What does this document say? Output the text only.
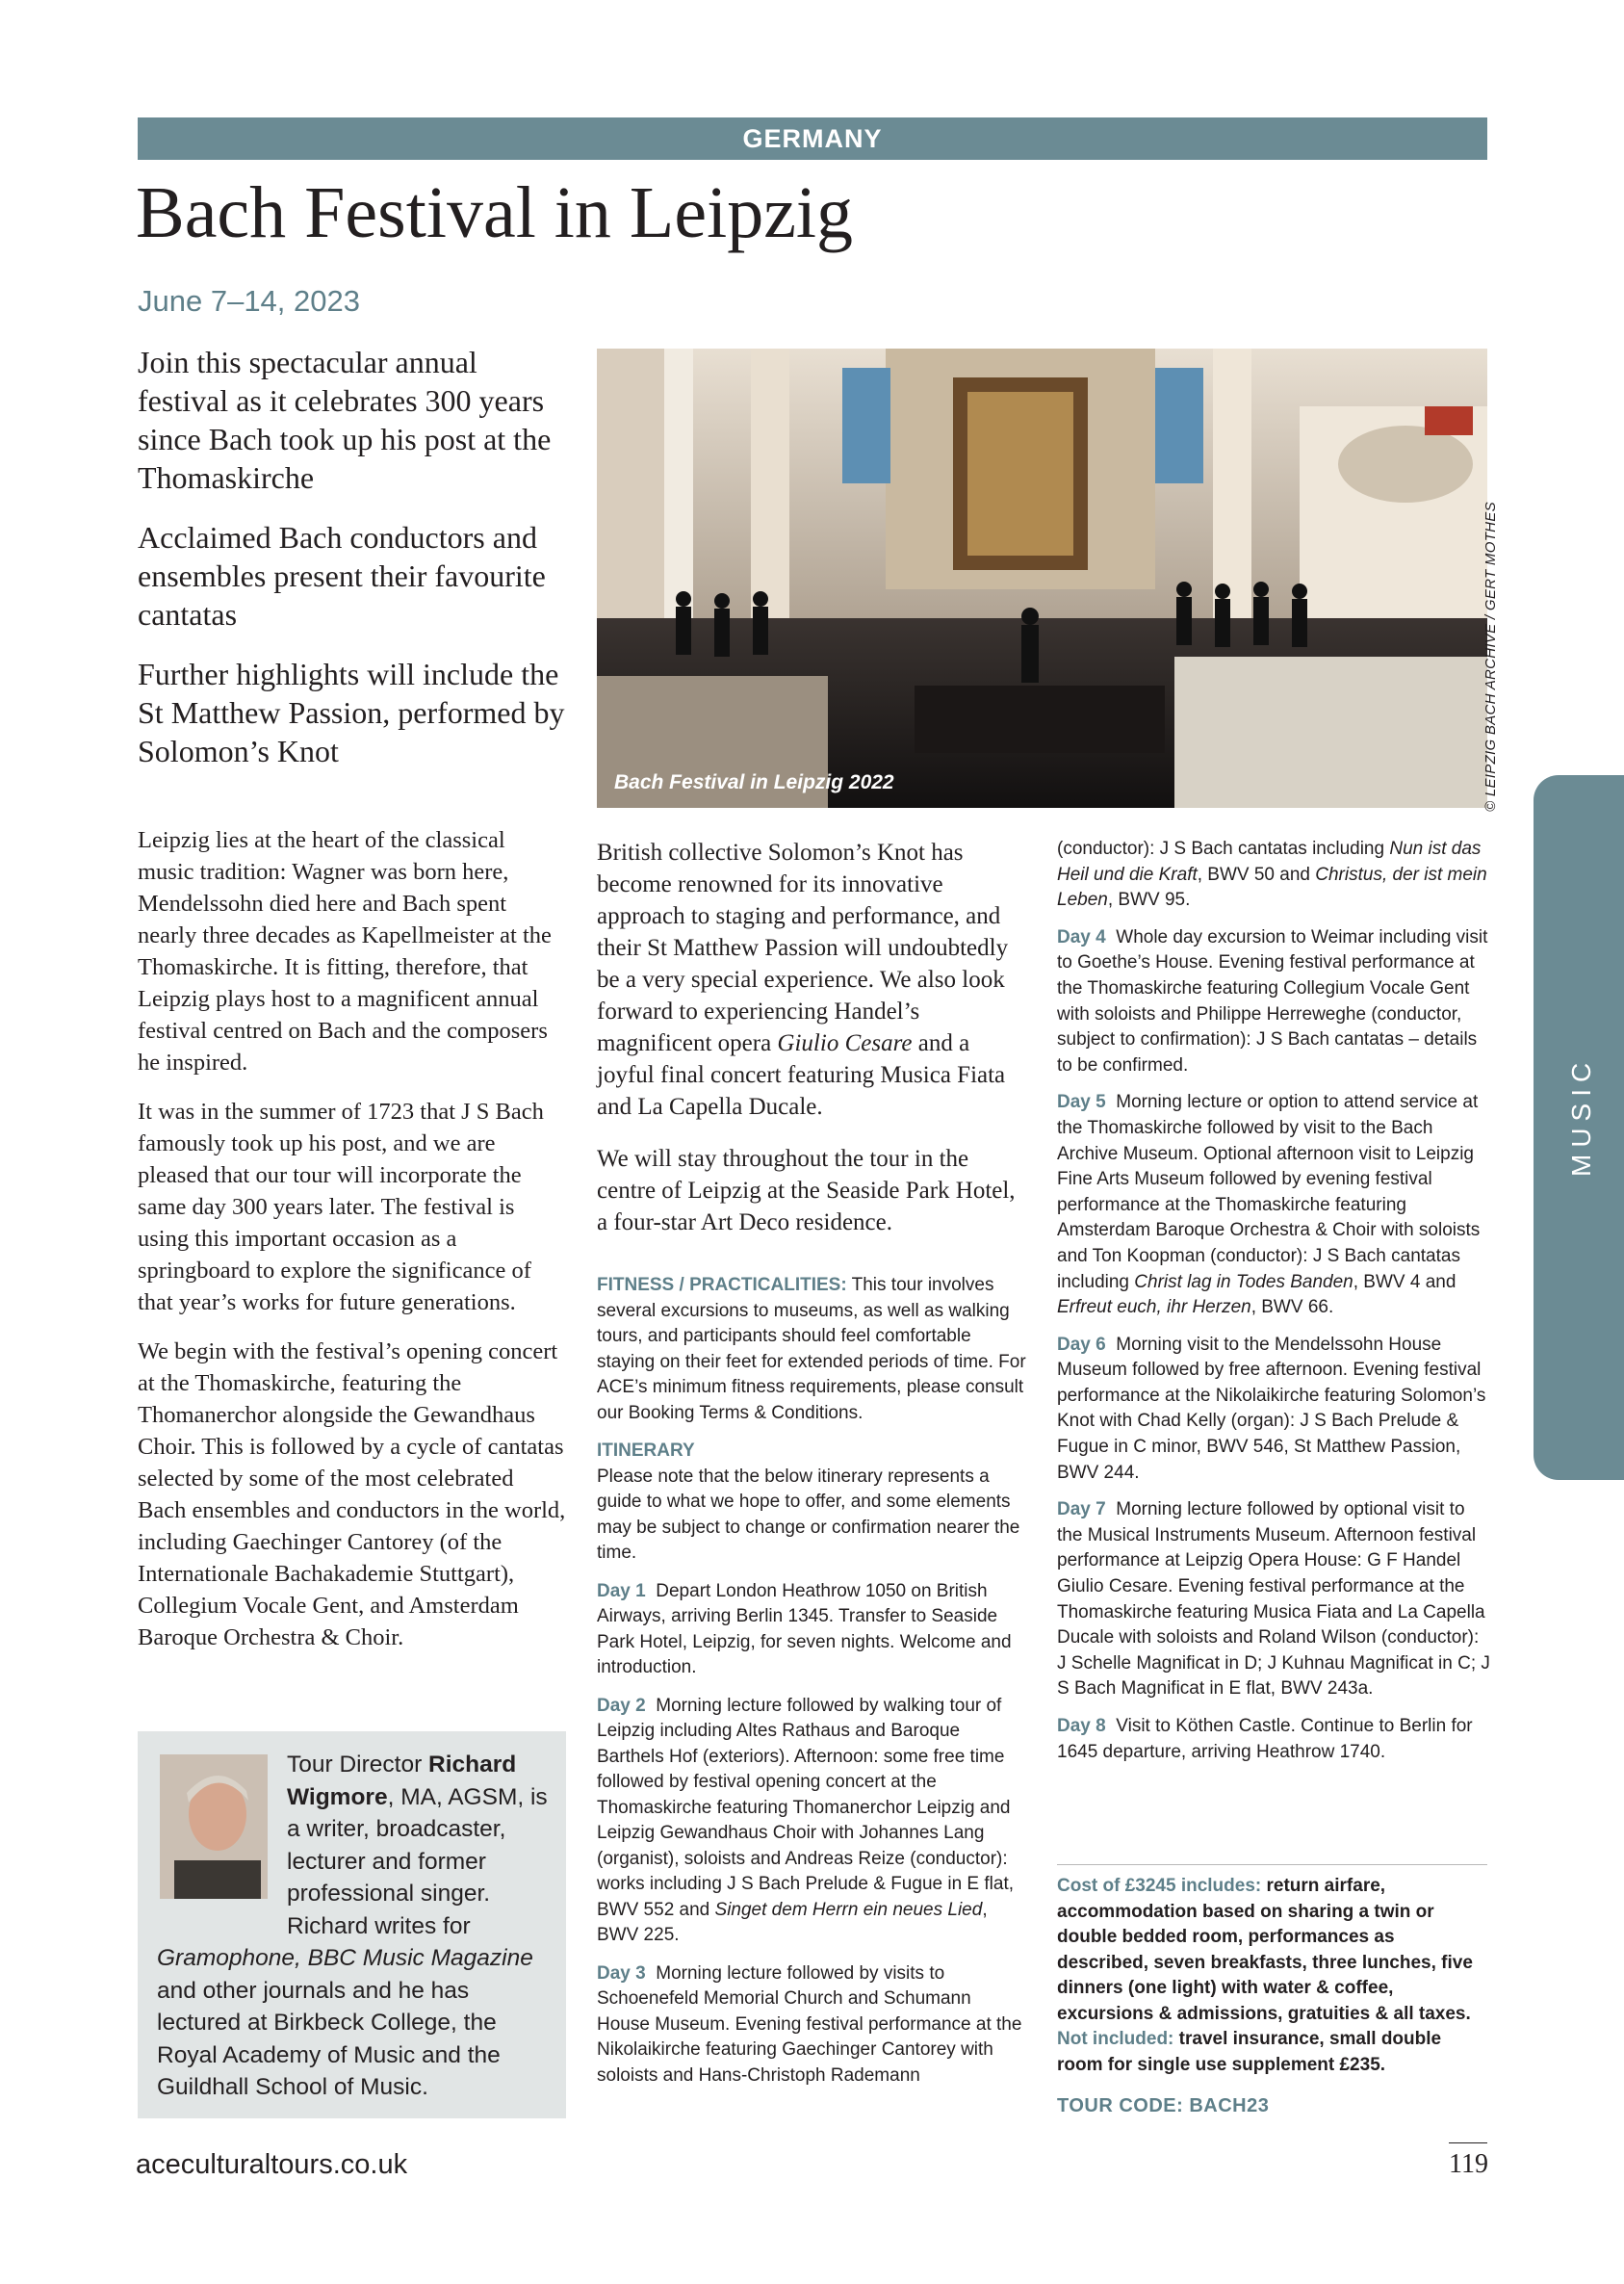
GERMANY
Bach Festival in Leipzig
June 7–14, 2023

Join this spectacular annual festival as it celebrates 300 years since Bach took up his post at the Thomaskirche

Acclaimed Bach conductors and ensembles present their favourite cantatas

Further highlights will include the St Matthew Passion, performed by Solomon’s Knot

Bach Festival in Leipzig 2022	© LEIPZIG BACH ARCHIVE / GERT MOTHES
MUSIC

Leipzig lies at the heart of the classical music tradition: Wagner was born here, Mendelssohn died here and Bach spent nearly three decades as Kapellmeister at the Thomaskirche. It is fitting, therefore, that Leipzig plays host to a magnificent annual festival centred on Bach and the composers he inspired.

It was in the summer of 1723 that J S Bach famously took up his post, and we are pleased that our tour will incorporate the same day 300 years later. The festival is using this important occasion as a springboard to explore the significance of that year’s works for future generations.

We begin with the festival’s opening concert at the Thomaskirche, featuring the Thomanerchor alongside the Gewandhaus Choir. This is followed by a cycle of cantatas selected by some of the most celebrated Bach ensembles and conductors in the world, including Gaechinger Cantorey (of the Internationale Bachakademie Stuttgart), Collegium Vocale Gent, and Amsterdam Baroque Orchestra & Choir.

Tour Director Richard Wigmore, MA, AGSM, is a writer, broadcaster, lecturer and former professional singer. Richard writes for Gramophone, BBC Music Magazine and other journals and he has lectured at Birkbeck College, the Royal Academy of Music and the Guildhall School of Music.

British collective Solomon’s Knot has become renowned for its innovative approach to staging and performance, and their St Matthew Passion will undoubtedly be a very special experience. We also look forward to experiencing Handel’s magnificent opera Giulio Cesare and a joyful final concert featuring Musica Fiata and La Capella Ducale.

We will stay throughout the tour in the centre of Leipzig at the Seaside Park Hotel, a four-star Art Deco residence.

FITNESS / PRACTICALITIES: This tour involves several excursions to museums, as well as walking tours, and participants should feel comfortable staying on their feet for extended periods of time. For ACE’s minimum fitness requirements, please consult our Booking Terms & Conditions.

ITINERARY
Please note that the below itinerary represents a guide to what we hope to offer, and some elements may be subject to change or confirmation nearer the time.

Day 1 Depart London Heathrow 1050 on British Airways, arriving Berlin 1345. Transfer to Seaside Park Hotel, Leipzig, for seven nights. Welcome and introduction.

Day 2 Morning lecture followed by walking tour of Leipzig including Altes Rathaus and Baroque Barthels Hof (exteriors). Afternoon: some free time followed by festival opening concert at the Thomaskirche featuring Thomanerchor Leipzig and Leipzig Gewandhaus Choir with Johannes Lang (organist), soloists and Andreas Reize (conductor): works including J S Bach Prelude & Fugue in E flat, BWV 552 and Singet dem Herrn ein neues Lied, BWV 225.

Day 3 Morning lecture followed by visits to Schoenefeld Memorial Church and Schumann House Museum. Evening festival performance at the Nikolaikirche featuring Gaechinger Cantorey with soloists and Hans-Christoph Rademann

(conductor): J S Bach cantatas including Nun ist das Heil und die Kraft, BWV 50 and Christus, der ist mein Leben, BWV 95.

Day 4 Whole day excursion to Weimar including visit to Goethe’s House. Evening festival performance at the Thomaskirche featuring Collegium Vocale Gent with soloists and Philippe Herreweghe (conductor, subject to confirmation): J S Bach cantatas – details to be confirmed.

Day 5 Morning lecture or option to attend service at the Thomaskirche followed by visit to the Bach Archive Museum. Optional afternoon visit to Leipzig Fine Arts Museum followed by evening festival performance at the Thomaskirche featuring Amsterdam Baroque Orchestra & Choir with soloists and Ton Koopman (conductor): J S Bach cantatas including Christ lag in Todes Banden, BWV 4 and Erfreut euch, ihr Herzen, BWV 66.

Day 6 Morning visit to the Mendelssohn House Museum followed by free afternoon. Evening festival performance at the Nikolaikirche featuring Solomon’s Knot with Chad Kelly (organ): J S Bach Prelude & Fugue in C minor, BWV 546, St Matthew Passion, BWV 244.

Day 7 Morning lecture followed by optional visit to the Musical Instruments Museum. Afternoon festival performance at Leipzig Opera House: G F Handel Giulio Cesare. Evening festival performance at the Thomaskirche featuring Musica Fiata and La Capella Ducale with soloists and Roland Wilson (conductor): J Schelle Magnificat in D; J Kuhnau Magnificat in C; J S Bach Magnificat in E flat, BWV 243a.

Day 8 Visit to Köthen Castle. Continue to Berlin for 1645 departure, arriving Heathrow 1740.

Cost of £3245 includes: return airfare, accommodation based on sharing a twin or double bedded room, performances as described, seven breakfasts, three lunches, five dinners (one light) with water & coffee, excursions & admissions, gratuities & all taxes. Not included: travel insurance, small double room for single use supplement £235.
TOUR CODE: BACH23
aceculturaltours.co.uk	119
